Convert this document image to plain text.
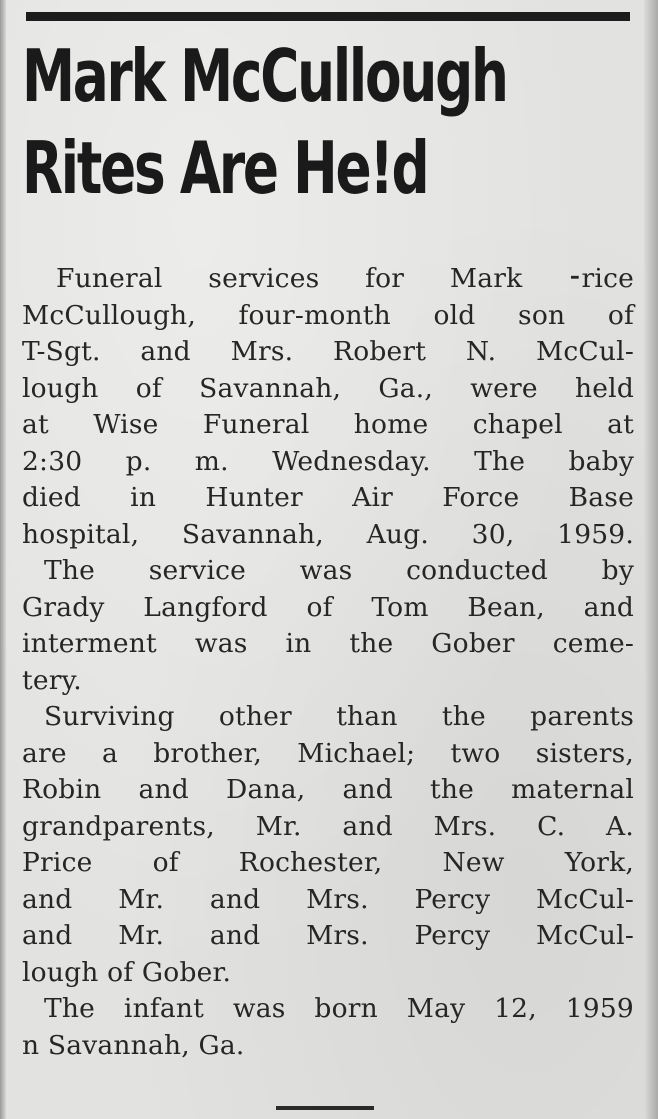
Mark McCullough
Rites Are He!d
Funeral services for Mark ⁃rice
McCullough, four-month old son of
T-Sgt. and Mrs. Robert N. McCul-
lough of Savannah, Ga., were held
at Wise Funeral home chapel at
2:30 p. m. Wednesday. The baby
died in Hunter Air Force Base
hospital, Savannah, Aug. 30, 1959.
The service was conducted by
Grady Langford of Tom Bean, and
interment was in the Gober ceme-
tery.
Surviving other than the parents
are a brother, Michael; two sisters,
Robin and Dana, and the maternal
grandparents, Mr. and Mrs. C. A.
Price of Rochester, New York,
and Mr. and Mrs. Percy McCul-
and Mr. and Mrs. Percy McCul-
lough of Gober.
The infant was born May 12, 1959
n Savannah, Ga.
